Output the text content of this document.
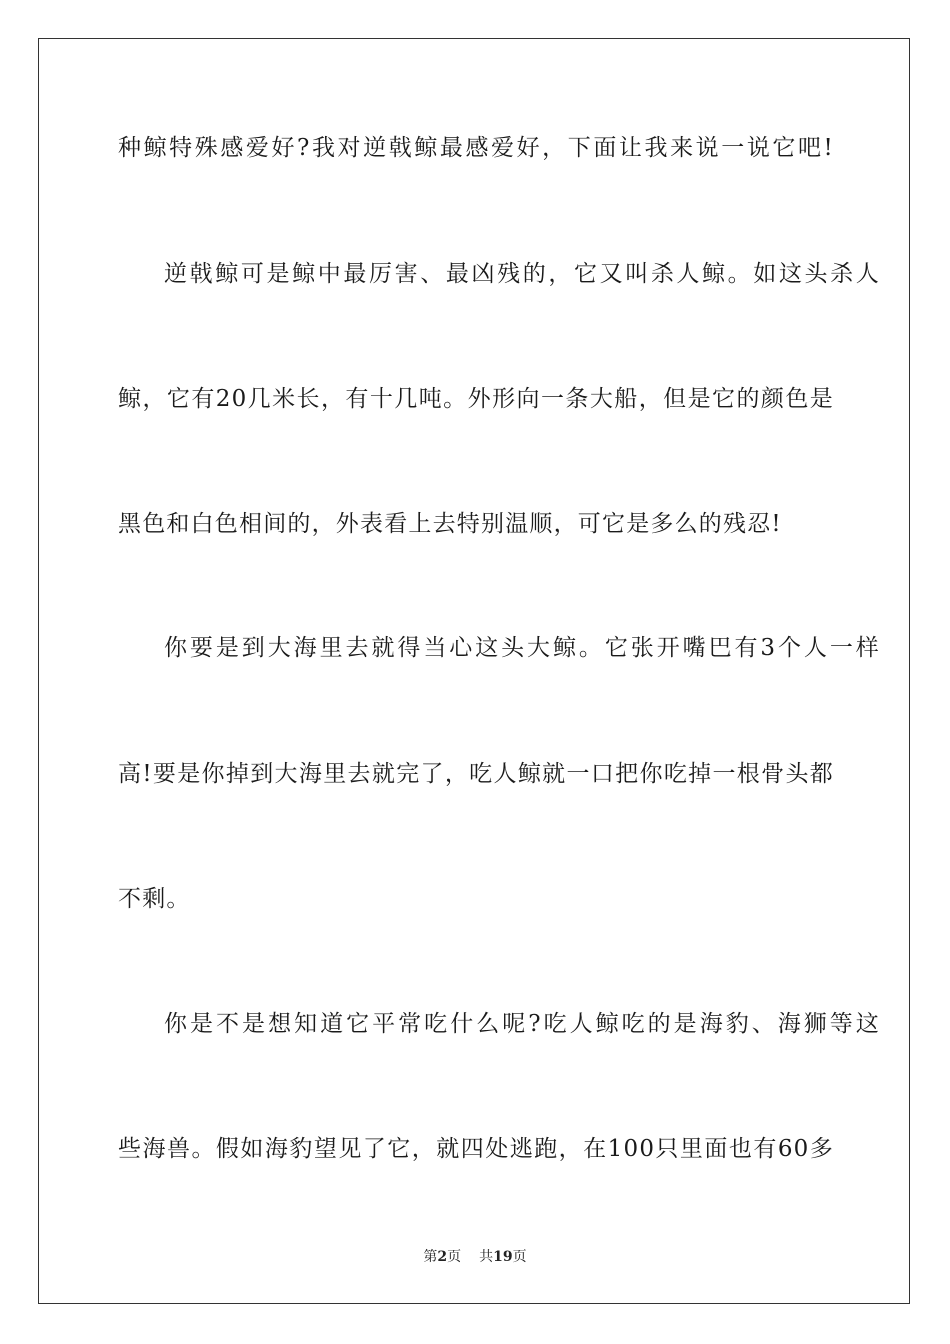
种鲸特殊感爱好?我对逆戟鲸最感爱好，下面让我来说一说它吧!
逆戟鲸可是鲸中最厉害、最凶残的，它又叫杀人鲸。如这头杀人
鲸，它有20几米长，有十几吨。外形向一条大船，但是它的颜色是
黑色和白色相间的，外表看上去特别温顺，可它是多么的残忍!
你要是到大海里去就得当心这头大鲸。它张开嘴巴有3个人一样
高!要是你掉到大海里去就完了，吃人鲸就一口把你吃掉一根骨头都
不剩。
你是不是想知道它平常吃什么呢?吃人鲸吃的是海豹、海狮等这
些海兽。假如海豹望见了它，就四处逃跑，在100只里面也有60多
第2页 共19页
